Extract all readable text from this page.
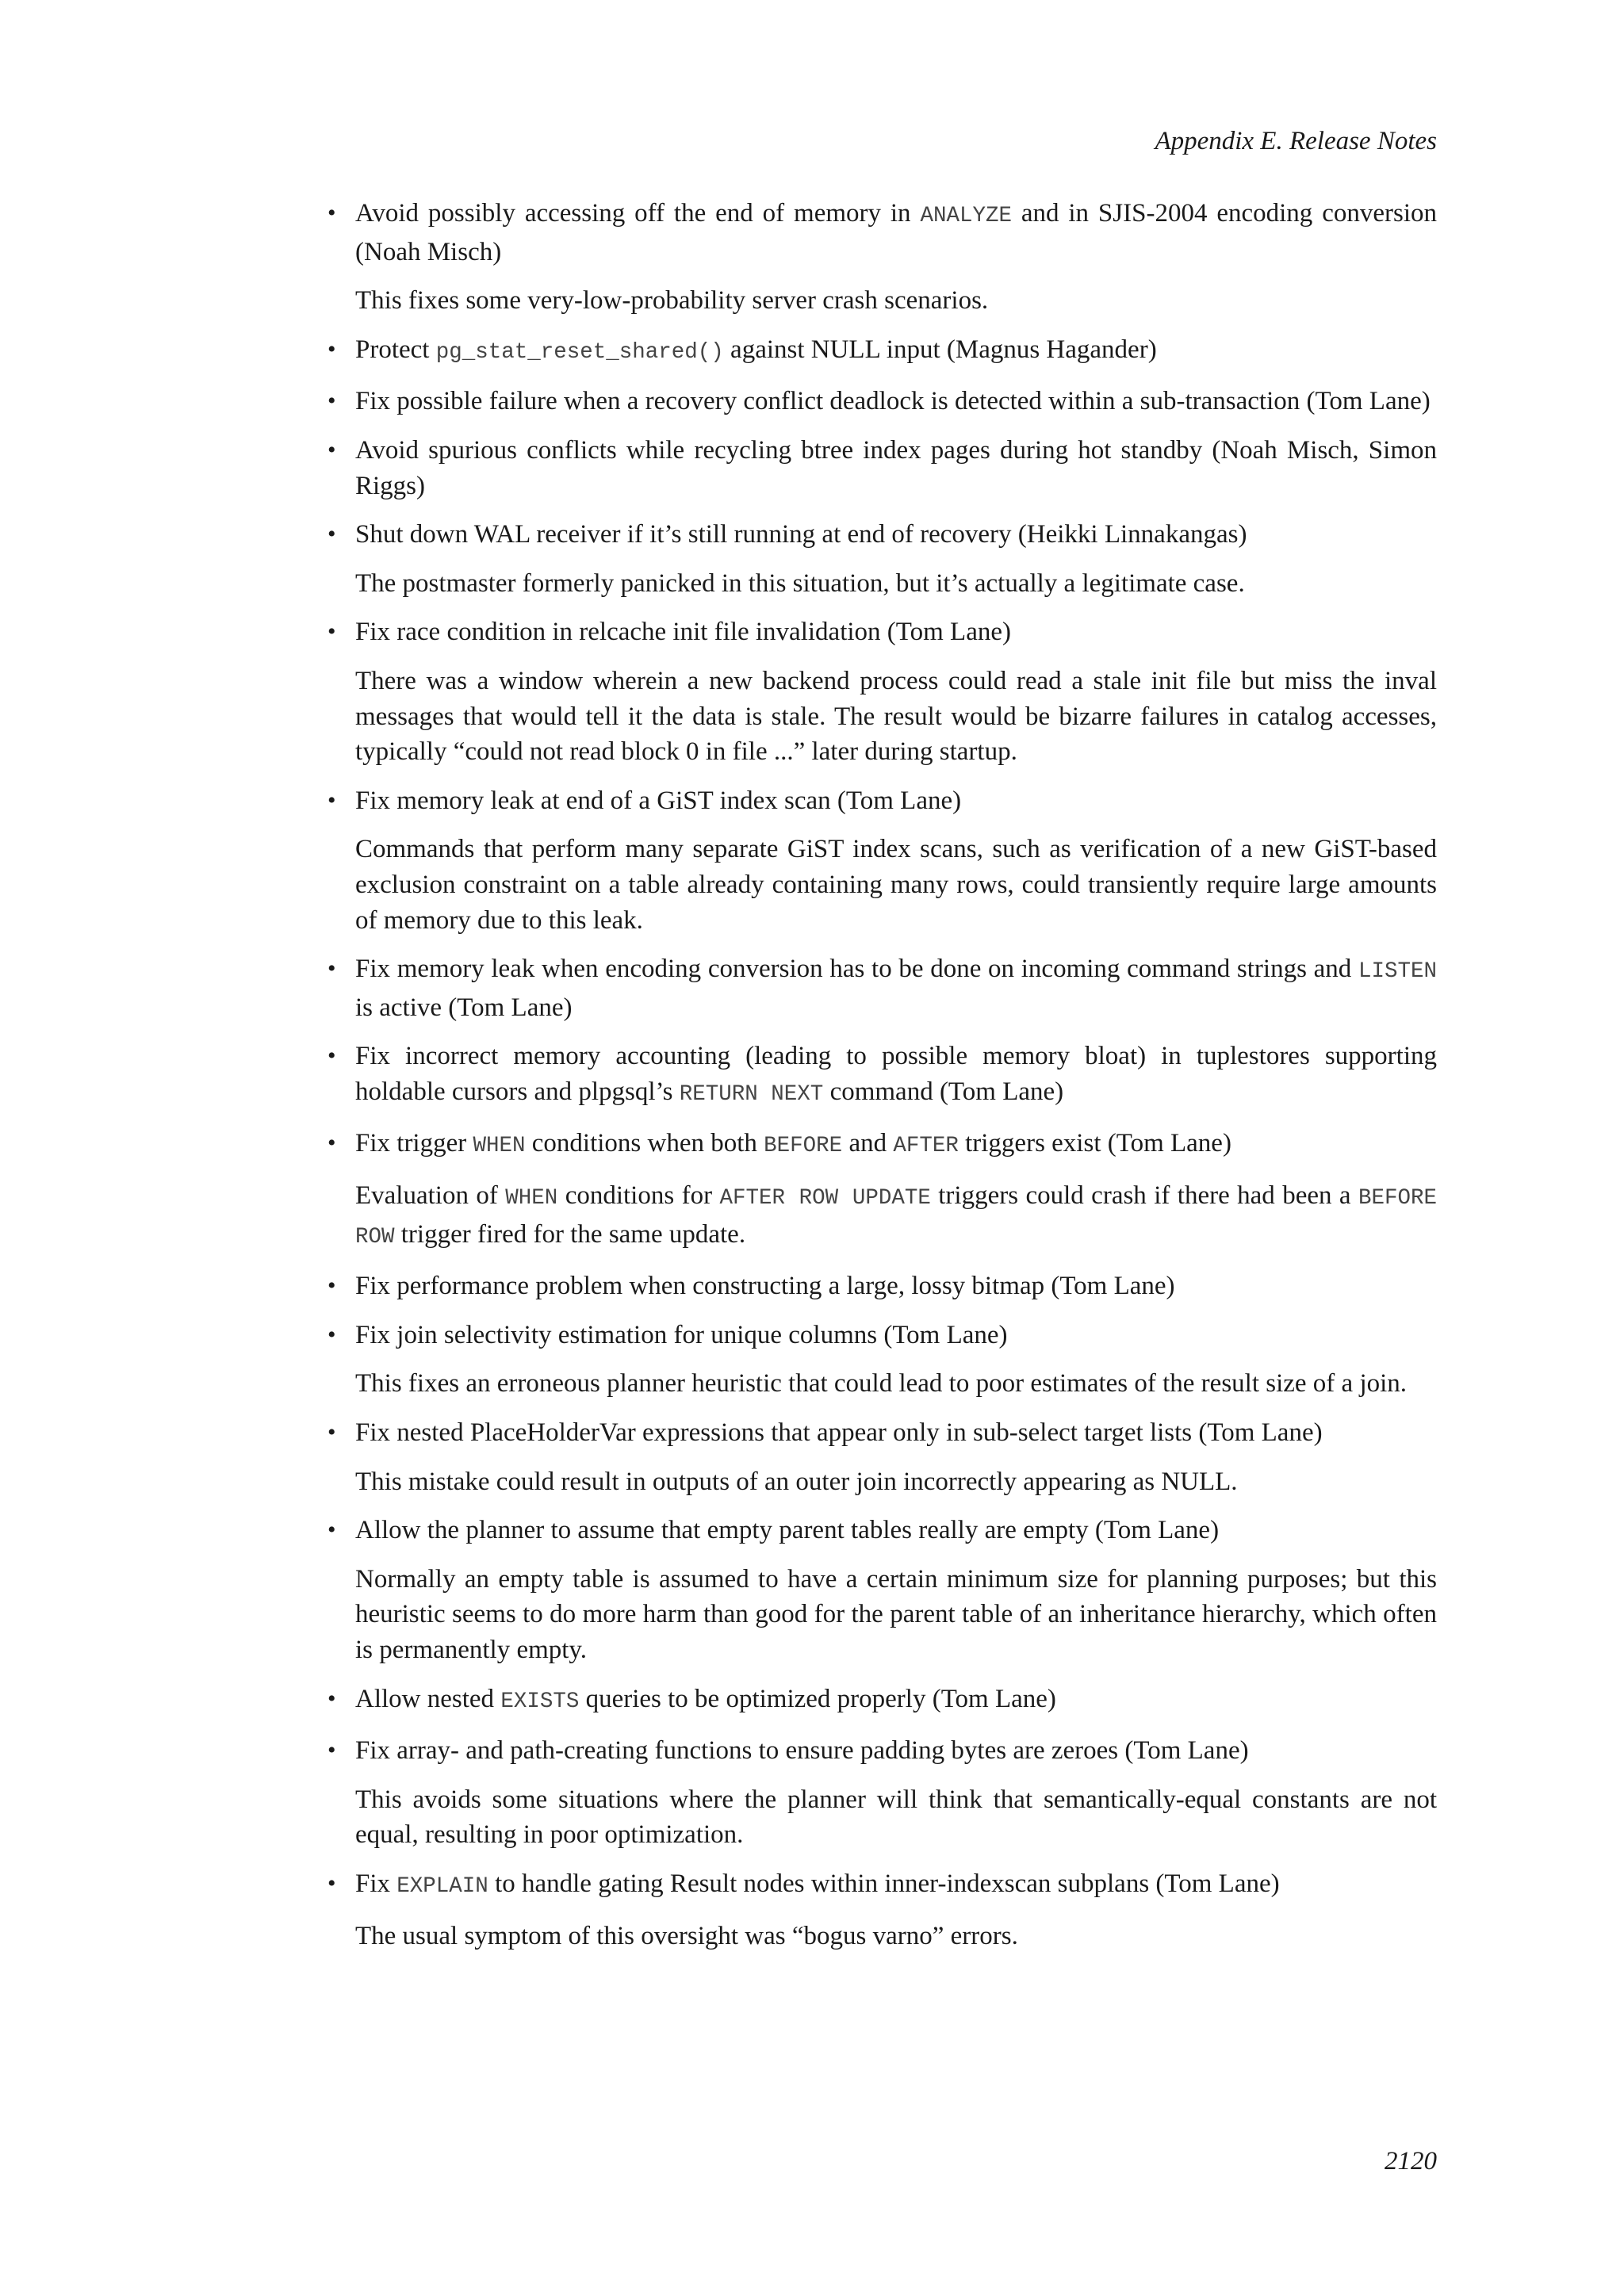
Appendix E. Release Notes
• Avoid possibly accessing off the end of memory in ANALYZE and in SJIS-2004 encoding conversion (Noah Misch)

This fixes some very-low-probability server crash scenarios.

• Protect pg_stat_reset_shared() against NULL input (Magnus Hagander)

• Fix possible failure when a recovery conflict deadlock is detected within a sub-transaction (Tom Lane)

• Avoid spurious conflicts while recycling btree index pages during hot standby (Noah Misch, Simon Riggs)

• Shut down WAL receiver if it’s still running at end of recovery (Heikki Linnakangas)

The postmaster formerly panicked in this situation, but it’s actually a legitimate case.

• Fix race condition in relcache init file invalidation (Tom Lane)

There was a window wherein a new backend process could read a stale init file but miss the inval messages that would tell it the data is stale. The result would be bizarre failures in catalog accesses, typically “could not read block 0 in file ...” later during startup.

• Fix memory leak at end of a GiST index scan (Tom Lane)

Commands that perform many separate GiST index scans, such as verification of a new GiST-based exclusion constraint on a table already containing many rows, could transiently require large amounts of memory due to this leak.

• Fix memory leak when encoding conversion has to be done on incoming command strings and LISTEN is active (Tom Lane)

• Fix incorrect memory accounting (leading to possible memory bloat) in tuplestores supporting holdable cursors and plpgsql’s RETURN NEXT command (Tom Lane)

• Fix trigger WHEN conditions when both BEFORE and AFTER triggers exist (Tom Lane)

Evaluation of WHEN conditions for AFTER ROW UPDATE triggers could crash if there had been a BEFORE ROW trigger fired for the same update.

• Fix performance problem when constructing a large, lossy bitmap (Tom Lane)

• Fix join selectivity estimation for unique columns (Tom Lane)

This fixes an erroneous planner heuristic that could lead to poor estimates of the result size of a join.

• Fix nested PlaceHolderVar expressions that appear only in sub-select target lists (Tom Lane)

This mistake could result in outputs of an outer join incorrectly appearing as NULL.

• Allow the planner to assume that empty parent tables really are empty (Tom Lane)

Normally an empty table is assumed to have a certain minimum size for planning purposes; but this heuristic seems to do more harm than good for the parent table of an inheritance hierarchy, which often is permanently empty.

• Allow nested EXISTS queries to be optimized properly (Tom Lane)

• Fix array- and path-creating functions to ensure padding bytes are zeroes (Tom Lane)

This avoids some situations where the planner will think that semantically-equal constants are not equal, resulting in poor optimization.

• Fix EXPLAIN to handle gating Result nodes within inner-indexscan subplans (Tom Lane)

The usual symptom of this oversight was “bogus varno” errors.

2120
